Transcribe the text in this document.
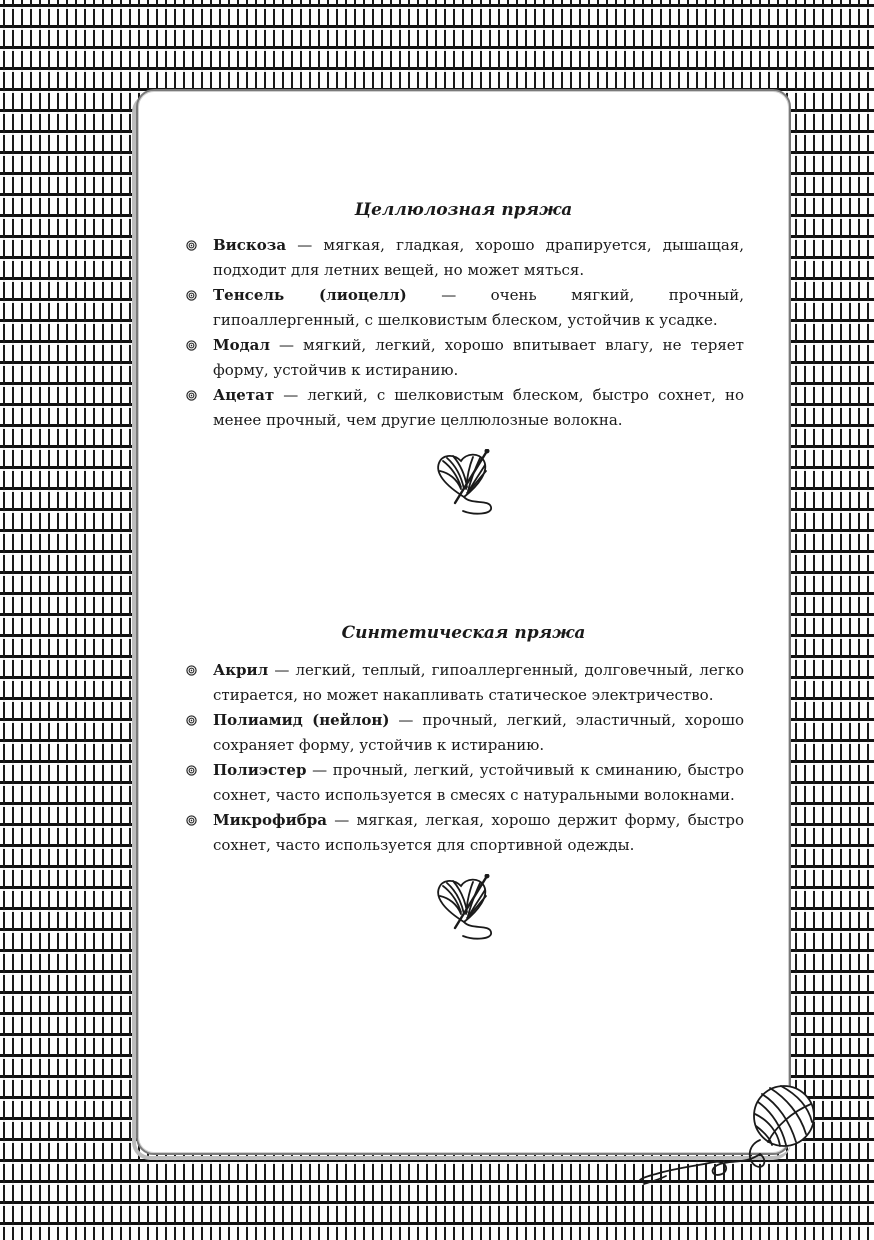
Целлюлозная пряжа
Вискоза — мягкая, гладкая, хорошо драпируется, дышащая, подходит для летних вещей, но может мяться.
Тенсель (лиоцелл) — очень мягкий, прочный, гипоаллергенный, с шелковистым блеском, устойчив к усадке.
Модал — мягкий, легкий, хорошо впитывает влагу, не теряет форму, устойчив к истиранию.
Ацетат — легкий, с шелковистым блеском, быстро сохнет, но менее прочный, чем другие целлюлозные волокна.
Синтетическая пряжа
Акрил — легкий, теплый, гипоаллергенный, долговечный, легко стирается, но может накапливать статическое электричество.
Полиамид (нейлон) — прочный, легкий, эластичный, хорошо сохраняет форму, устойчив к истиранию.
Полиэстер — прочный, легкий, устойчивый к сминанию, быстро сохнет, часто используется в смесях с натуральными волокнами.
Микрофибра — мягкая, легкая, хорошо держит форму, быстро сохнет, часто используется для спортивной одежды.
